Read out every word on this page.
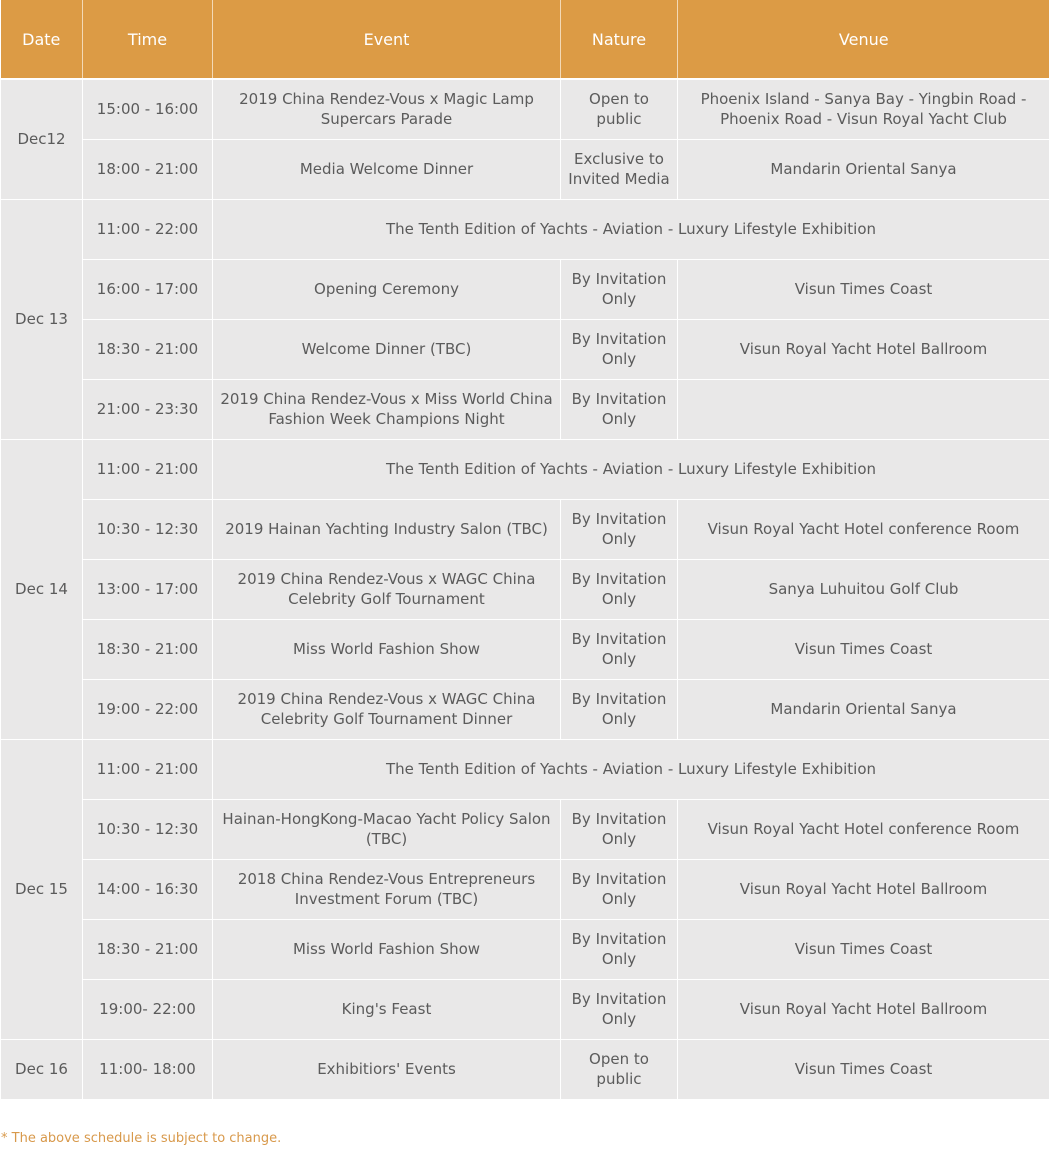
Date	Time	Event	Nature	Venue
Dec12	15:00 - 16:00	2019 China Rendez-Vous x Magic Lamp Supercars Parade	Open to public	Phoenix Island - Sanya Bay - Yingbin Road - Phoenix Road - Visun Royal Yacht Club
	18:00 - 21:00	Media Welcome Dinner	Exclusive to Invited Media	Mandarin Oriental Sanya
Dec 13	11:00 - 22:00	The Tenth Edition of Yachts - Aviation - Luxury Lifestyle Exhibition		
	16:00 - 17:00	Opening Ceremony	By Invitation Only	Visun Times Coast
	18:30 - 21:00	Welcome Dinner (TBC)	By Invitation Only	Visun Royal Yacht Hotel Ballroom
	21:00 - 23:30	2019 China Rendez-Vous x Miss World China Fashion Week Champions Night	By Invitation Only	
Dec 14	11:00 - 21:00	The Tenth Edition of Yachts - Aviation - Luxury Lifestyle Exhibition		
	10:30 - 12:30	2019 Hainan Yachting Industry Salon (TBC)	By Invitation Only	Visun Royal Yacht Hotel conference Room
	13:00 - 17:00	2019 China Rendez-Vous x WAGC China Celebrity Golf Tournament	By Invitation Only	Sanya Luhuitou Golf Club
	18:30 - 21:00	Miss World Fashion Show	By Invitation Only	Visun Times Coast
	19:00 - 22:00	2019 China Rendez-Vous x WAGC China Celebrity Golf Tournament Dinner	By Invitation Only	Mandarin Oriental Sanya
Dec 15	11:00 - 21:00	The Tenth Edition of Yachts - Aviation - Luxury Lifestyle Exhibition		
	10:30 - 12:30	Hainan-HongKong-Macao Yacht Policy Salon (TBC)	By Invitation Only	Visun Royal Yacht Hotel conference Room
	14:00 - 16:30	2018 China Rendez-Vous Entrepreneurs Investment Forum (TBC)	By Invitation Only	Visun Royal Yacht Hotel Ballroom
	18:30 - 21:00	Miss World Fashion Show	By Invitation Only	Visun Times Coast
	19:00- 22:00	King's Feast	By Invitation Only	Visun Royal Yacht Hotel Ballroom
Dec 16	11:00- 18:00	Exhibitiors' Events	Open to public	Visun Times Coast
* The above schedule is subject to change.
